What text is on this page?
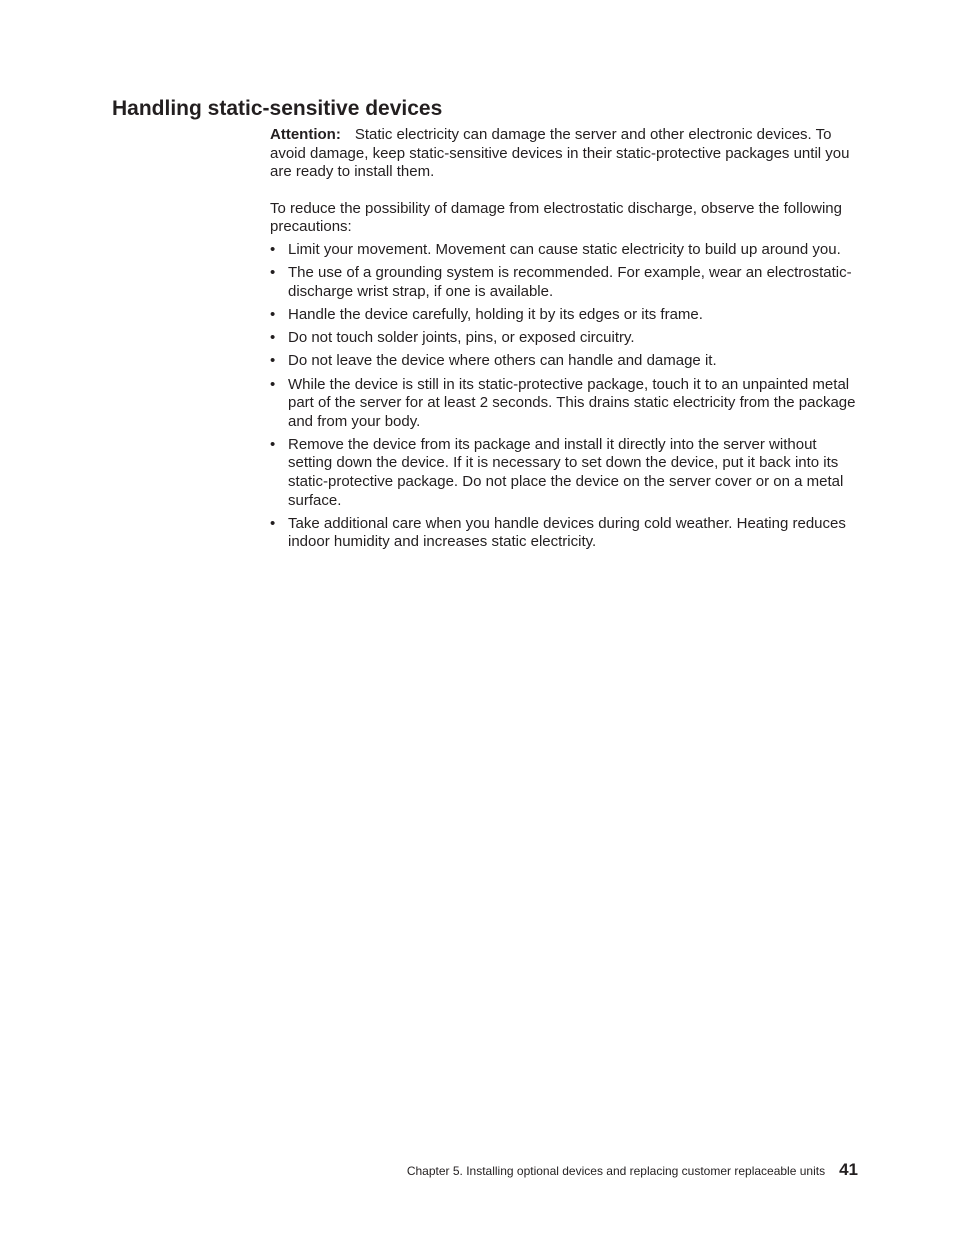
Handling static-sensitive devices

Attention: Static electricity can damage the server and other electronic devices. To avoid damage, keep static-sensitive devices in their static-protective packages until you are ready to install them.

To reduce the possibility of damage from electrostatic discharge, observe the following precautions:

• Limit your movement. Movement can cause static electricity to build up around you.
• The use of a grounding system is recommended. For example, wear an electrostatic-discharge wrist strap, if one is available.
• Handle the device carefully, holding it by its edges or its frame.
• Do not touch solder joints, pins, or exposed circuitry.
• Do not leave the device where others can handle and damage it.
• While the device is still in its static-protective package, touch it to an unpainted metal part of the server for at least 2 seconds. This drains static electricity from the package and from your body.
• Remove the device from its package and install it directly into the server without setting down the device. If it is necessary to set down the device, put it back into its static-protective package. Do not place the device on the server cover or on a metal surface.
• Take additional care when you handle devices during cold weather. Heating reduces indoor humidity and increases static electricity.
Chapter 5. Installing optional devices and replacing customer replaceable units 41
